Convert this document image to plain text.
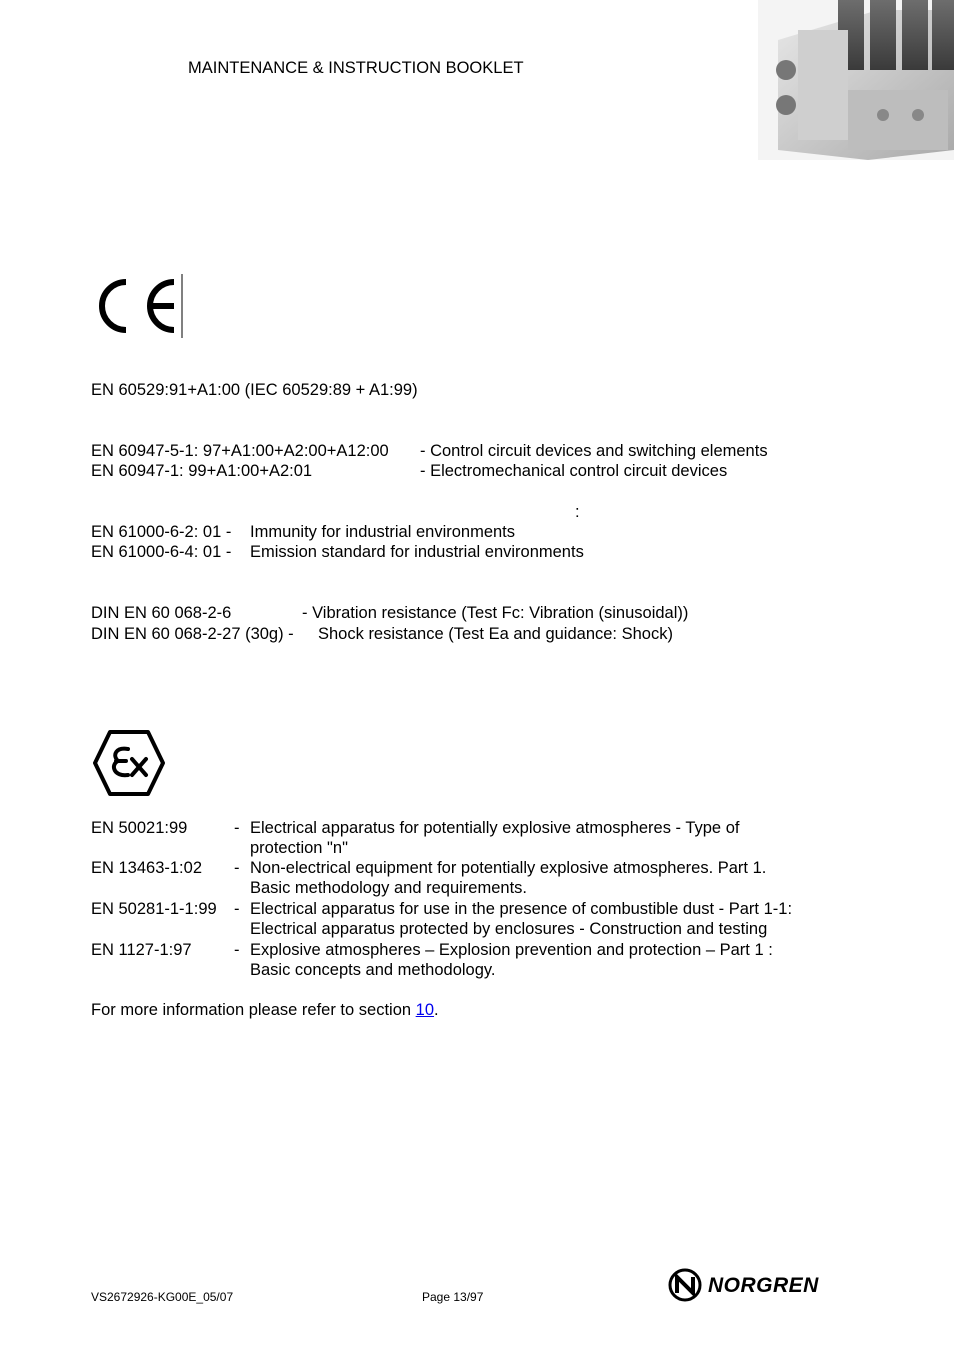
MAINTENANCE & INSTRUCTION BOOKLET
EN 60529:91+A1:00 (IEC 60529:89 + A1:99)
EN 60947-5-1: 97+A1:00+A2:00+A12:00 - Control circuit devices and switching elements
EN 60947-1: 99+A1:00+A2:01	- Electromechanical control circuit devices
:
EN 61000-6-2: 01 - Immunity for industrial environments
EN 61000-6-4: 01 - Emission standard for industrial environments
DIN EN 60 068-2-6	- Vibration resistance (Test Fc: Vibration (sinusoidal))
DIN EN 60 068-2-27 (30g) - Shock resistance (Test Ea and guidance: Shock)
EN 50021:99	- Electrical apparatus for potentially explosive atmospheres - Type of
protection "n"
EN 13463-1:02 - Non-electrical equipment for potentially explosive atmospheres. Part 1.
Basic methodology and requirements.
EN 50281-1-1:99 - Electrical apparatus for use in the presence of combustible dust - Part 1-1:
Electrical apparatus protected by enclosures - Construction and testing
EN 1127-1:97	- Explosive atmospheres – Explosion prevention and protection – Part 1 :
Basic concepts and methodology.
For more information please refer to section 10.
VS2672926-KG00E_05/07	Page 13/97	NORGREN
